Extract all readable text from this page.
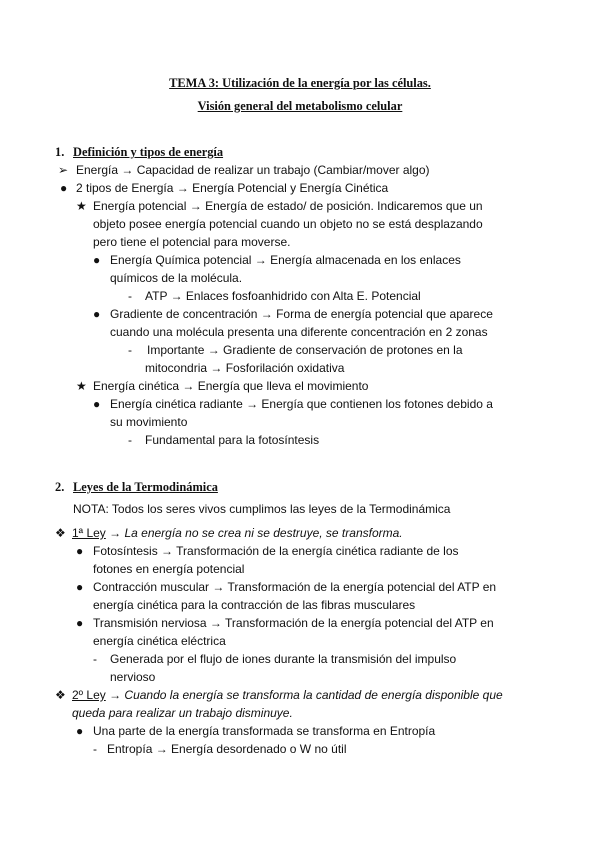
TEMA 3: Utilización de la energía por las células.
Visión general del metabolismo celular
1. Definición y tipos de energía
➢ Energía → Capacidad de realizar un trabajo (Cambiar/mover algo)
● 2 tipos de Energía → Energía Potencial y Energía Cinética
★ Energía potencial → Energía de estado/ de posición. Indicaremos que un
objeto posee energía potencial cuando un objeto no se está desplazando
pero tiene el potencial para moverse.
● Energía Química potencial → Energía almacenada en los enlaces
químicos de la molécula.
- ATP → Enlaces fosfoanhidrido con Alta E. Potencial
● Gradiente de concentración → Forma de energía potencial que aparece
cuando una molécula presenta una diferente concentración en 2 zonas
- Importante → Gradiente de conservación de protones en la
mitocondria → Fosforilación oxidativa
★ Energía cinética → Energía que lleva el movimiento
● Energía cinética radiante → Energía que contienen los fotones debido a
su movimiento
- Fundamental para la fotosíntesis
2. Leyes de la Termodinámica
NOTA: Todos los seres vivos cumplimos las leyes de la Termodinámica
❖ 1ª Ley → La energía no se crea ni se destruye, se transforma.
● Fotosíntesis → Transformación de la energía cinética radiante de los
fotones en energía potencial
● Contracción muscular → Transformación de la energía potencial del ATP en
energía cinética para la contracción de las fibras musculares
● Transmisión nerviosa → Transformación de la energía potencial del ATP en
energía cinética eléctrica
- Generada por el flujo de iones durante la transmisión del impulso
nervioso
❖ 2º Ley → Cuando la energía se transforma la cantidad de energía disponible que
queda para realizar un trabajo disminuye.
● Una parte de la energía transformada se transforma en Entropía
- Entropía → Energía desordenado o W no útil
